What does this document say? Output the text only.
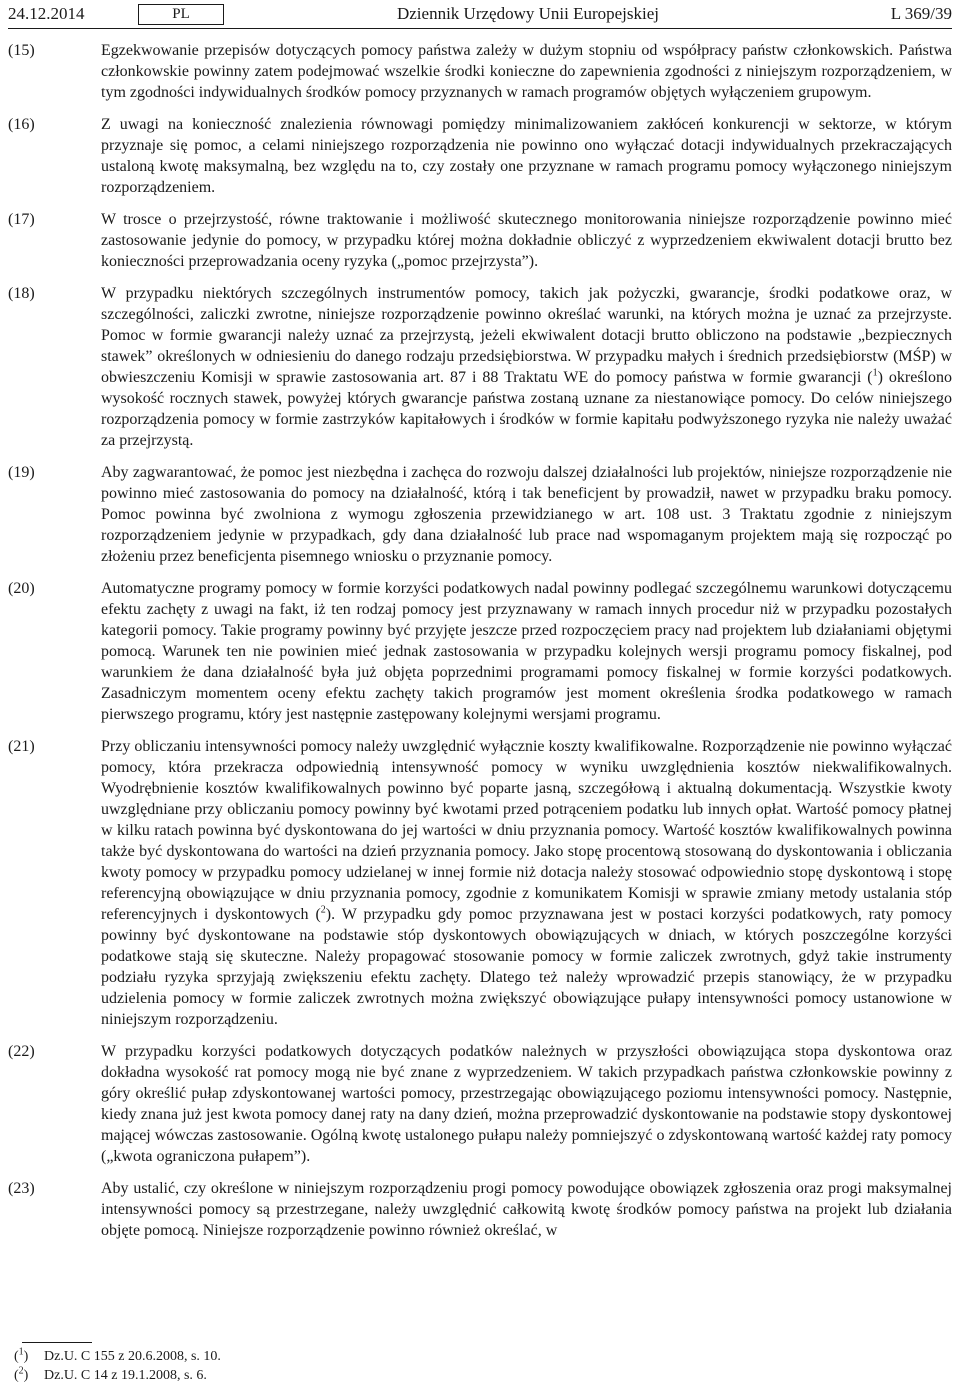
24.12.2014	PL	Dziennik Urzędowy Unii Europejskiej	L 369/39
(15)	Egzekwowanie przepisów dotyczących pomocy państwa zależy w dużym stopniu od współpracy państw członkowskich. Państwa członkowskie powinny zatem podejmować wszelkie środki konieczne do zapewnienia zgodności z niniejszym rozporządzeniem, w tym zgodności indywidualnych środków pomocy przyznanych w ramach programów objętych wyłączeniem grupowym.
(16)	Z uwagi na konieczność znalezienia równowagi pomiędzy minimalizowaniem zakłóceń konkurencji w sektorze, w którym przyznaje się pomoc, a celami niniejszego rozporządzenia nie powinno ono wyłączać dotacji indywidualnych przekraczających ustaloną kwotę maksymalną, bez względu na to, czy zostały one przyznane w ramach programu pomocy wyłączonego niniejszym rozporządzeniem.
(17)	W trosce o przejrzystość, równe traktowanie i możliwość skutecznego monitorowania niniejsze rozporządzenie powinno mieć zastosowanie jedynie do pomocy, w przypadku której można dokładnie obliczyć z wyprzedzeniem ekwiwalent dotacji brutto bez konieczności przeprowadzania oceny ryzyka („pomoc przejrzysta”).
(18)	W przypadku niektórych szczególnych instrumentów pomocy, takich jak pożyczki, gwarancje, środki podatkowe oraz, w szczególności, zaliczki zwrotne, niniejsze rozporządzenie powinno określać warunki, na których można je uznać za przejrzyste. Pomoc w formie gwarancji należy uznać za przejrzystą, jeżeli ekwiwalent dotacji brutto obliczono na podstawie „bezpiecznych stawek” określonych w odniesieniu do danego rodzaju przedsiębiorstwa. W przypadku małych i średnich przedsiębiorstw (MŚP) w obwieszczeniu Komisji w sprawie zastosowania art. 87 i 88 Traktatu WE do pomocy państwa w formie gwarancji ($^1$) określono wysokość rocznych stawek, powyżej których gwarancje państwa zostaną uznane za niestanowiące pomocy. Do celów niniejszego rozporządzenia pomocy w formie zastrzyków kapitałowych i środków w formie kapitału podwyższonego ryzyka nie należy uważać za przejrzystą.
(19)	Aby zagwarantować, że pomoc jest niezbędna i zachęca do rozwoju dalszej działalności lub projektów, niniejsze rozporządzenie nie powinno mieć zastosowania do pomocy na działalność, którą i tak beneficjent by prowadził, nawet w przypadku braku pomocy. Pomoc powinna być zwolniona z wymogu zgłoszenia przewidzianego w art. 108 ust. 3 Traktatu zgodnie z niniejszym rozporządzeniem jedynie w przypadkach, gdy dana działalność lub prace nad wspomaganym projektem mają się rozpocząć po złożeniu przez beneficjenta pisemnego wniosku o przyznanie pomocy.
(20)	Automatyczne programy pomocy w formie korzyści podatkowych nadal powinny podlegać szczególnemu warunkowi dotyczącemu efektu zachęty z uwagi na fakt, iż ten rodzaj pomocy jest przyznawany w ramach innych procedur niż w przypadku pozostałych kategorii pomocy. Takie programy powinny być przyjęte jeszcze przed rozpoczęciem pracy nad projektem lub działaniami objętymi pomocą. Warunek ten nie powinien mieć jednak zastosowania w przypadku kolejnych wersji programu pomocy fiskalnej, pod warunkiem że dana działalność była już objęta poprzednimi programami pomocy fiskalnej w formie korzyści podatkowych. Zasadniczym momentem oceny efektu zachęty takich programów jest moment określenia środka podatkowego w ramach pierwszego programu, który jest następnie zastępowany kolejnymi wersjami programu.
(21)	Przy obliczaniu intensywności pomocy należy uwzględnić wyłącznie koszty kwalifikowalne. Rozporządzenie nie powinno wyłączać pomocy, która przekracza odpowiednią intensywność pomocy w wyniku uwzględnienia kosztów niekwalifikowalnych. Wyodrębnienie kosztów kwalifikowalnych powinno być poparte jasną, szczegółową i aktualną dokumentacją. Wszystkie kwoty uwzględniane przy obliczaniu pomocy powinny być kwotami przed potrąceniem podatku lub innych opłat. Wartość pomocy płatnej w kilku ratach powinna być dyskontowana do jej wartości w dniu przyznania pomocy. Wartość kosztów kwalifikowalnych powinna także być dyskontowana do wartości na dzień przyznania pomocy. Jako stopę procentową stosowaną do dyskontowania i obliczania kwoty pomocy w przypadku pomocy udzielanej w innej formie niż dotacja należy stosować odpowiednio stopę dyskontową i stopę referencyjną obowiązujące w dniu przyznania pomocy, zgodnie z komunikatem Komisji w sprawie zmiany metody ustalania stóp referencyjnych i dyskontowych ($^2$). W przypadku gdy pomoc przyznawana jest w postaci korzyści podatkowych, raty pomocy powinny być dyskontowane na podstawie stóp dyskontowych obowiązujących w dniach, w których poszczególne korzyści podatkowe stają się skuteczne. Należy propagować stosowanie pomocy w formie zaliczek zwrotnych, gdyż takie instrumenty podziału ryzyka sprzyjają zwiększeniu efektu zachęty. Dlatego też należy wprowadzić przepis stanowiący, że w przypadku udzielenia pomocy w formie zaliczek zwrotnych można zwiększyć obowiązujące pułapy intensywności pomocy ustanowione w niniejszym rozporządzeniu.
(22)	W przypadku korzyści podatkowych dotyczących podatków należnych w przyszłości obowiązująca stopa dyskontowa oraz dokładna wysokość rat pomocy mogą nie być znane z wyprzedzeniem. W takich przypadkach państwa członkowskie powinny z góry określić pułap zdyskontowanej wartości pomocy, przestrzegając obowiązującego poziomu intensywności pomocy. Następnie, kiedy znana już jest kwota pomocy danej raty na dany dzień, można przeprowadzić dyskontowanie na podstawie stopy dyskontowej mającej wówczas zastosowanie. Ogólną kwotę ustalonego pułapu należy pomniejszyć o zdyskontowaną wartość każdej raty pomocy („kwota ograniczona pułapem”).
(23)	Aby ustalić, czy określone w niniejszym rozporządzeniu progi pomocy powodujące obowiązek zgłoszenia oraz progi maksymalnej intensywności pomocy są przestrzegane, należy uwzględnić całkowitą kwotę środków pomocy państwa na projekt lub działania objęte pomocą. Niniejsze rozporządzenie powinno również określać, w
($^1$)	Dz.U. C 155 z 20.6.2008, s. 10.
($^2$)	Dz.U. C 14 z 19.1.2008, s. 6.
